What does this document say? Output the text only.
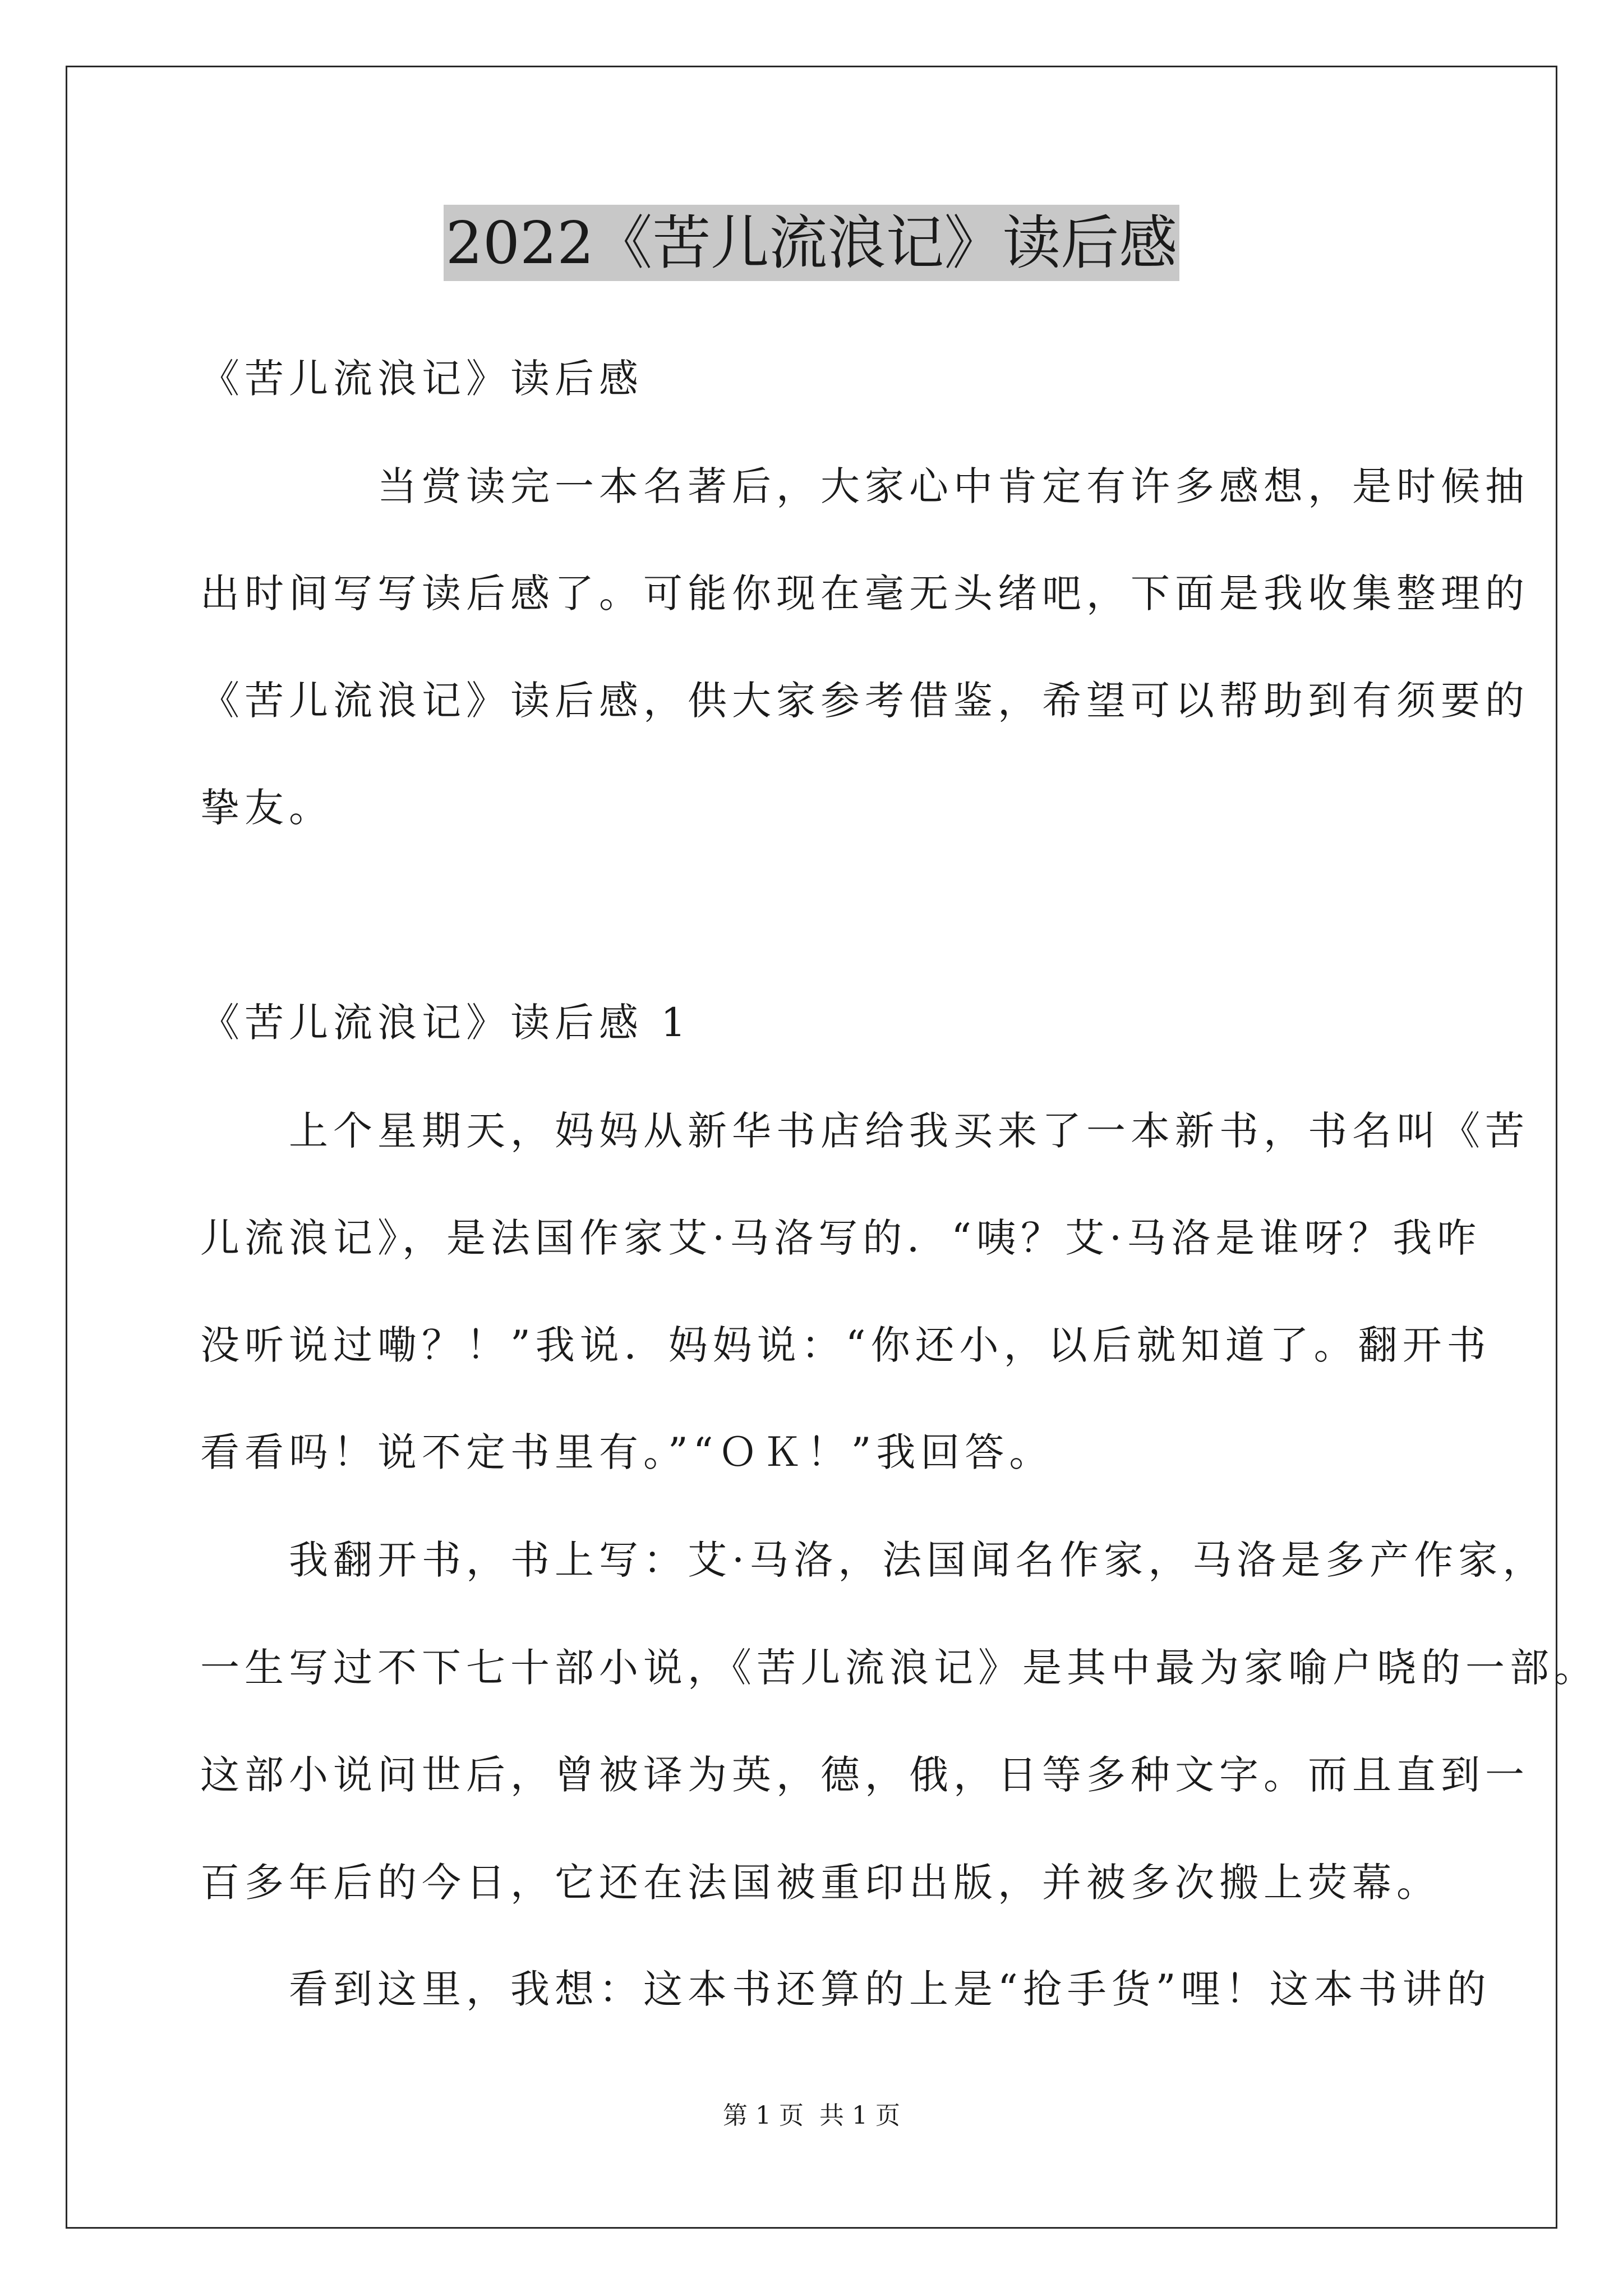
2022《苦儿流浪记》读后感
《苦儿流浪记》读后感
　　　　当赏读完一本名著后，大家心中肯定有许多感想，是时候抽
出时间写写读后感了。可能你现在毫无头绪吧，下面是我收集整理的
《苦儿流浪记》读后感，供大家参考借鉴，希望可以帮助到有须要的
挚友。
《苦儿流浪记》读后感 1
　　上个星期天，妈妈从新华书店给我买来了一本新书，书名叫《苦
儿流浪记》，是法国作家艾·马洛写的．“咦？艾·马洛是谁呀？我咋
没听说过嘞？！”我说．妈妈说：“你还小，以后就知道了。翻开书
看看吗！说不定书里有。”“ＯＫ！”我回答。
　　我翻开书，书上写：艾·马洛，法国闻名作家，马洛是多产作家，
一生写过不下七十部小说，《苦儿流浪记》是其中最为家喻户晓的一部。
这部小说问世后，曾被译为英，德，俄，日等多种文字。而且直到一
百多年后的今日，它还在法国被重印出版，并被多次搬上荧幕。
　　看到这里，我想：这本书还算的上是“抢手货”哩！这本书讲的
第 1 页 共 1 页
